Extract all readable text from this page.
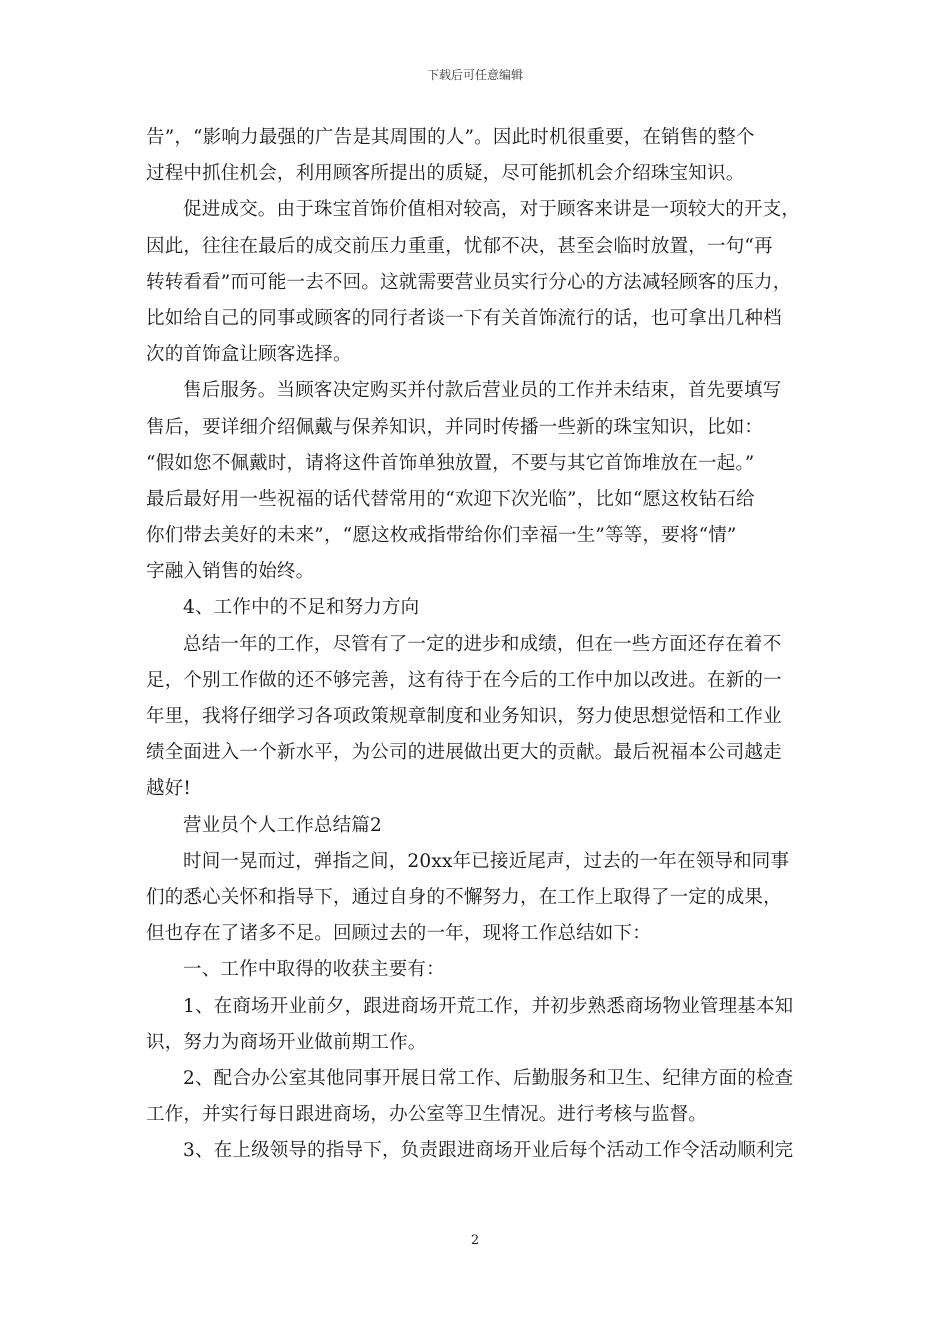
下载后可任意编辑
告”，“影响力最强的广告是其周围的人”。因此时机很重要，在销售的整个
过程中抓住机会，利用顾客所提出的质疑，尽可能抓机会介绍珠宝知识。
促进成交。由于珠宝首饰价值相对较高，对于顾客来讲是一项较大的开支，
因此，往往在最后的成交前压力重重，忧郁不决，甚至会临时放置，一句“再
转转看看”而可能一去不回。这就需要营业员实行分心的方法减轻顾客的压力，
比如给自己的同事或顾客的同行者谈一下有关首饰流行的话，也可拿出几种档
次的首饰盒让顾客选择。
售后服务。当顾客决定购买并付款后营业员的工作并未结束，首先要填写
售后，要详细介绍佩戴与保养知识，并同时传播一些新的珠宝知识，比如：
“假如您不佩戴时，请将这件首饰单独放置，不要与其它首饰堆放在一起。”
最后最好用一些祝福的话代替常用的“欢迎下次光临”，比如“愿这枚钻石给
你们带去美好的未来”，“愿这枚戒指带给你们幸福一生”等等，要将“情”
字融入销售的始终。
4、工作中的不足和努力方向
总结一年的工作，尽管有了一定的进步和成绩，但在一些方面还存在着不
足，个别工作做的还不够完善，这有待于在今后的工作中加以改进。在新的一
年里，我将仔细学习各项政策规章制度和业务知识，努力使思想觉悟和工作业
绩全面进入一个新水平，为公司的进展做出更大的贡献。最后祝福本公司越走
越好!
营业员个人工作总结篇2
时间一晃而过，弹指之间，20xx年已接近尾声，过去的一年在领导和同事
们的悉心关怀和指导下，通过自身的不懈努力，在工作上取得了一定的成果，
但也存在了诸多不足。回顾过去的一年，现将工作总结如下：
一、工作中取得的收获主要有：
1、在商场开业前夕，跟进商场开荒工作，并初步熟悉商场物业管理基本知
识，努力为商场开业做前期工作。
2、配合办公室其他同事开展日常工作、后勤服务和卫生、纪律方面的检查
工作，并实行每日跟进商场，办公室等卫生情况。进行考核与监督。
3、在上级领导的指导下，负责跟进商场开业后每个活动工作令活动顺利完
2
